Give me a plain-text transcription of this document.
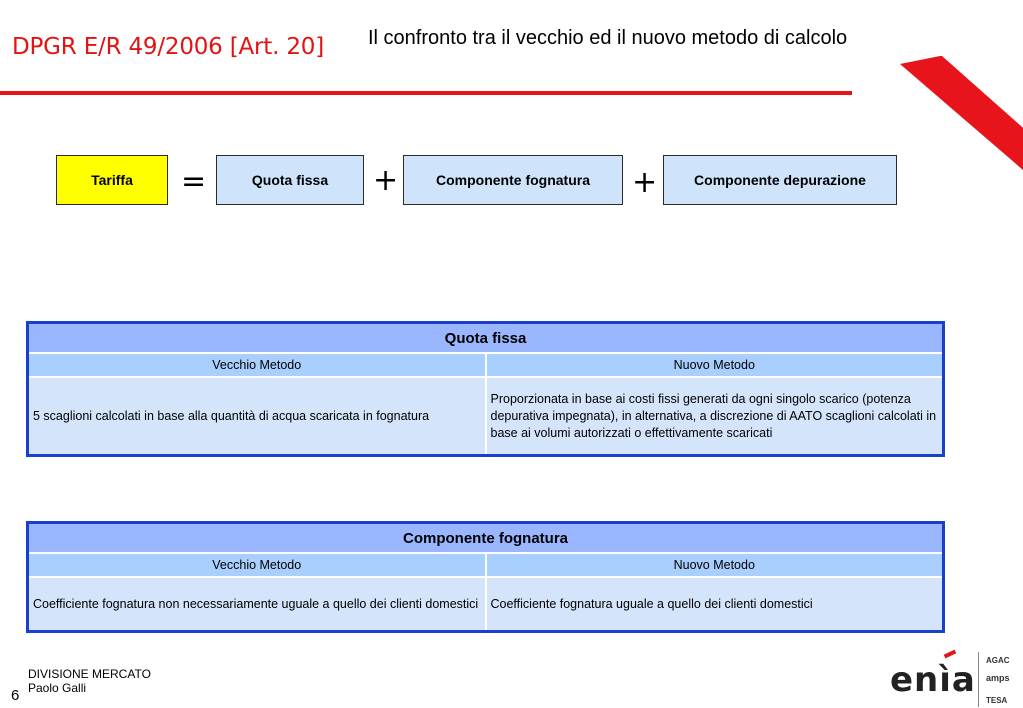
DPGR E/R 49/2006 [Art. 20] Il confronto tra il vecchio ed il nuovo metodo di calcolo
Tariffa	=	Quota fissa	+	Componente fognatura	+	Componente depurazione
Quota fissa	
Vecchio Metodo	Nuovo Metodo
5 scaglioni calcolati in base alla quantità di acqua scaricata in fognatura	Proporzionata in base ai costi fissi generati da ogni singolo scarico (potenza depurativa impegnata), in alternativa, a discrezione di AATO scaglioni calcolati in base ai volumi autorizzati o effettivamente scaricati
Componente fognatura	
Vecchio Metodo	Nuovo Metodo
Coefficiente fognatura non necessariamente uguale a quello dei clienti domestici	Coefficiente fognatura uguale a quello dei clienti domestici
DIVISIONE MERCATO
Paolo Galli
6	enìa AGAC
amps
TESA
